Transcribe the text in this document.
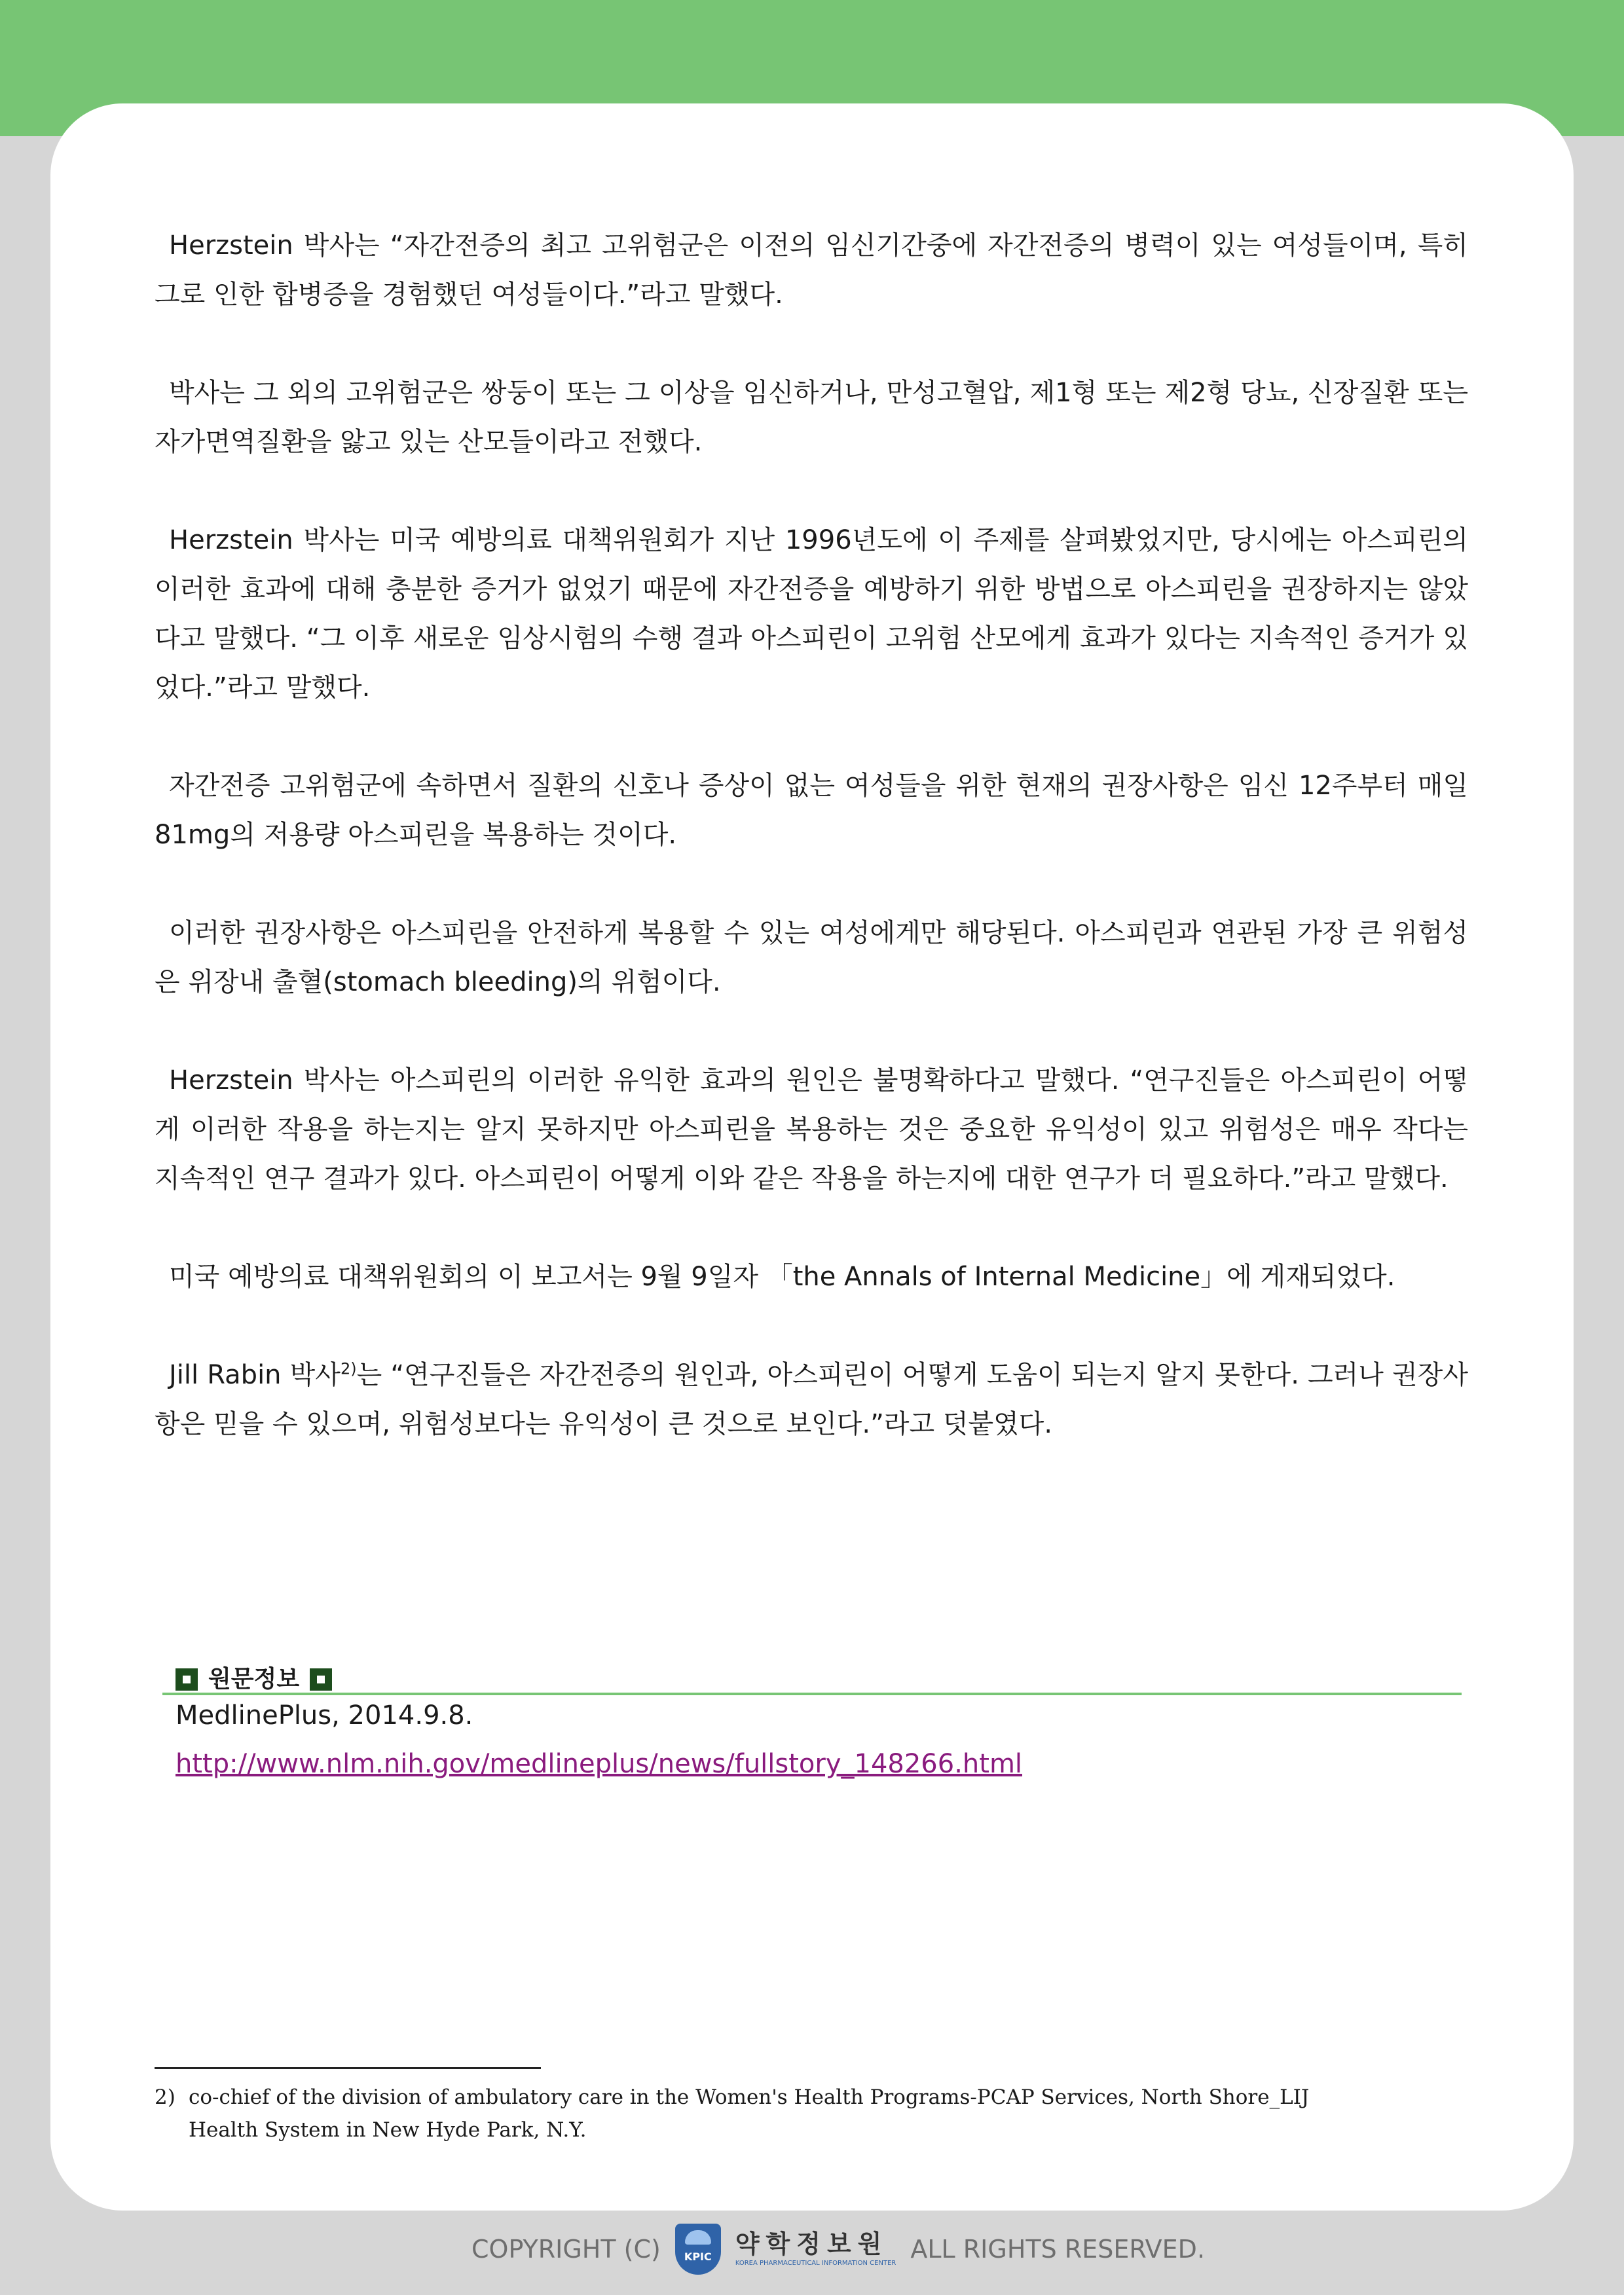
Herzstein 박사는 “자간전증의 최고 고위험군은 이전의 임신기간중에 자간전증의 병력이 있는 여성들이며, 특히 그로 인한 합병증을 경험했던 여성들이다.”라고 말했다.

박사는 그 외의 고위험군은 쌍둥이 또는 그 이상을 임신하거나, 만성고혈압, 제1형 또는 제2형 당뇨, 신장질환 또는 자가면역질환을 앓고 있는 산모들이라고 전했다.

Herzstein 박사는 미국 예방의료 대책위원회가 지난 1996년도에 이 주제를 살펴봤었지만, 당시에는 아스피린의 이러한 효과에 대해 충분한 증거가 없었기 때문에 자간전증을 예방하기 위한 방법으로 아스피린을 권장하지는 않았다고 말했다. “그 이후 새로운 임상시험의 수행 결과 아스피린이 고위험 산모에게 효과가 있다는 지속적인 증거가 있었다.”라고 말했다.

자간전증 고위험군에 속하면서 질환의 신호나 증상이 없는 여성들을 위한 현재의 권장사항은 임신 12주부터 매일 81mg의 저용량 아스피린을 복용하는 것이다.

이러한 권장사항은 아스피린을 안전하게 복용할 수 있는 여성에게만 해당된다. 아스피린과 연관된 가장 큰 위험성은 위장내 출혈(stomach bleeding)의 위험이다.

Herzstein 박사는 아스피린의 이러한 유익한 효과의 원인은 불명확하다고 말했다. “연구진들은 아스피린이 어떻게 이러한 작용을 하는지는 알지 못하지만 아스피린을 복용하는 것은 중요한 유익성이 있고 위험성은 매우 작다는 지속적인 연구 결과가 있다. 아스피린이 어떻게 이와 같은 작용을 하는지에 대한 연구가 더 필요하다.”라고 말했다.

미국 예방의료 대책위원회의 이 보고서는 9월 9일자 「the Annals of Internal Medicine」에 게재되었다.

Jill Rabin 박사$^{2)}$는 “연구진들은 자간전증의 원인과, 아스피린이 어떻게 도움이 되는지 알지 못한다. 그러나 권장사항은 믿을 수 있으며, 위험성보다는 유익성이 큰 것으로 보인다.”라고 덧붙였다.

원문정보
MedlinePlus, 2014.9.8.
http://www.nlm.nih.gov/medlineplus/news/fullstory_148266.html
2) co-chief of the division of ambulatory care in the Women's Health Programs-PCAP Services, North Shore_LIJ
Health System in New Hyde Park, N.Y.
COPYRIGHT (C) KPIC 약학정보원
KOREA PHARMACEUTICAL INFORMATION CENTER ALL RIGHTS RESERVED.
